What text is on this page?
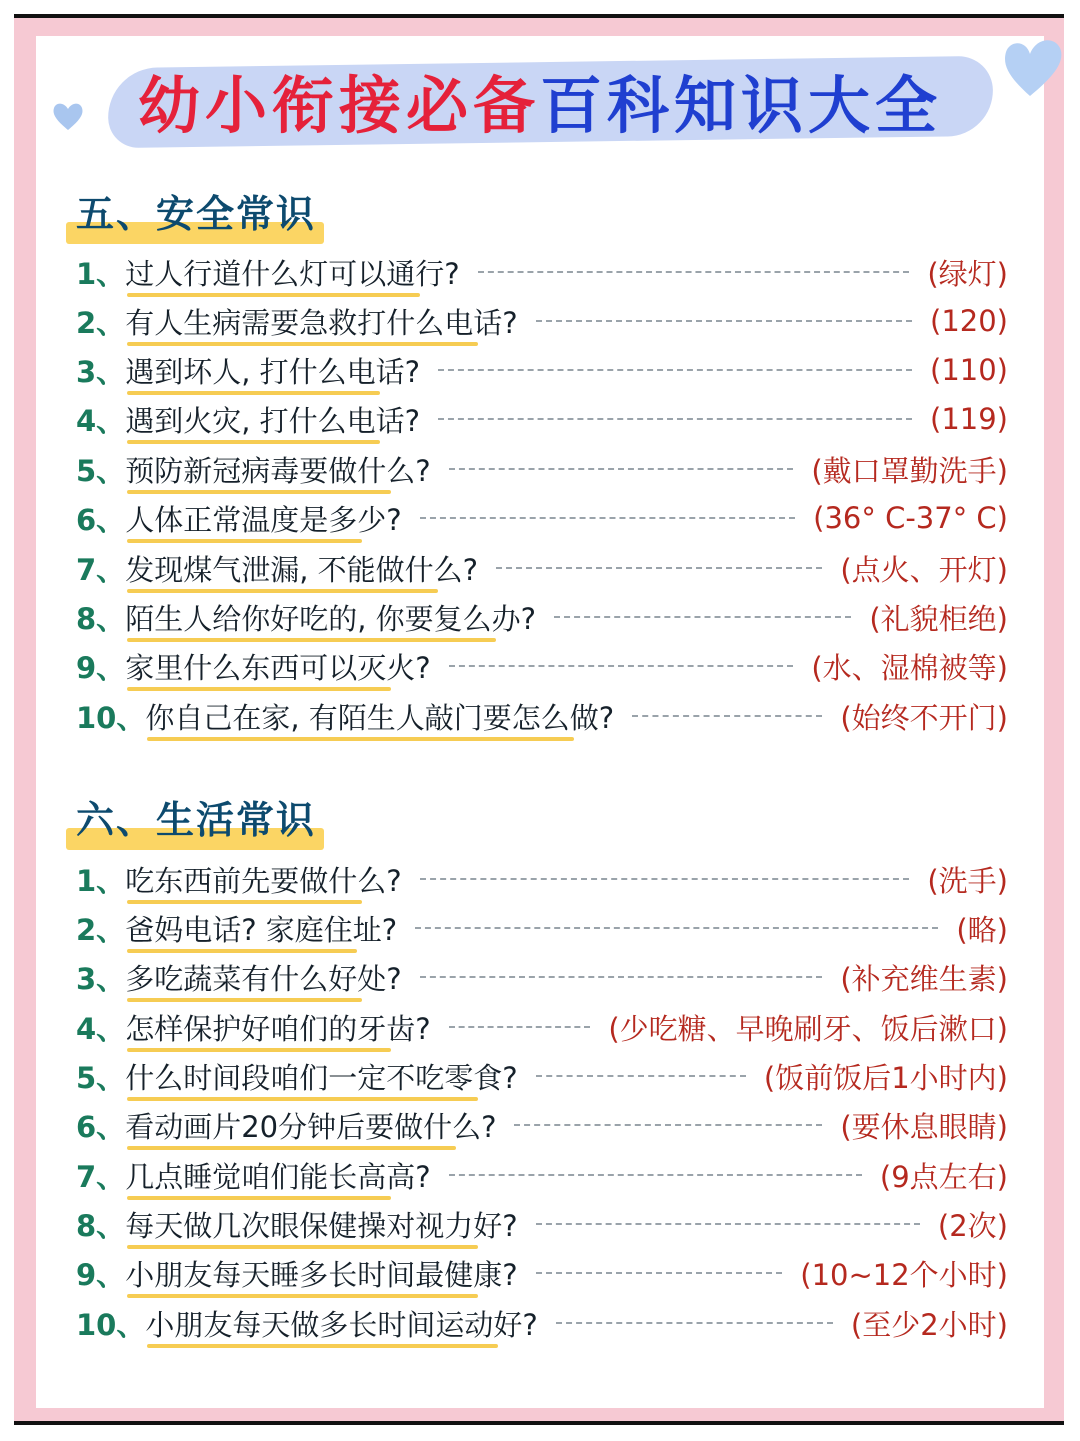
幼小衔接必备百科知识大全
五、安全常识
1、 过人行道什么灯可以通行?	(绿灯)
2、 有人生病需要急救打什么电话?	(120)
3、 遇到坏人, 打什么电话?	(110)
4、 遇到火灾, 打什么电话?	(119)
5、 预防新冠病毒要做什么?	(戴口罩勤洗手)
6、 人体正常温度是多少?	(36° C-37° C)
7、 发现煤气泄漏, 不能做什么?	(点火、开灯)
8、 陌生人给你好吃的, 你要复么办?	(礼貌柜绝)
9、 家里什么东西可以灭火?	(水、湿棉被等)
10、 你自己在家, 有陌生人敲门要怎么做?	(始终不开门)
六、生活常识
1、 吃东西前先要做什么?	(洗手)
2、 爸妈电话? 家庭住址?	(略)
3、 多吃蔬菜有什么好处?	(补充维生素)
4、 怎样保护好咱们的牙齿?	(少吃糖、早晚刷牙、饭后漱口)
5、 什么时间段咱们一定不吃零食?	(饭前饭后1小时内)
6、 看动画片20分钟后要做什么?	(要休息眼睛)
7、 几点睡觉咱们能长高高?	(9点左右)
8、 每天做几次眼保健操对视力好?	(2次)
9、 小朋友每天睡多长时间最健康?	(10~12个小时)
10、 小朋友每天做多长时间运动好?	(至少2小时)
